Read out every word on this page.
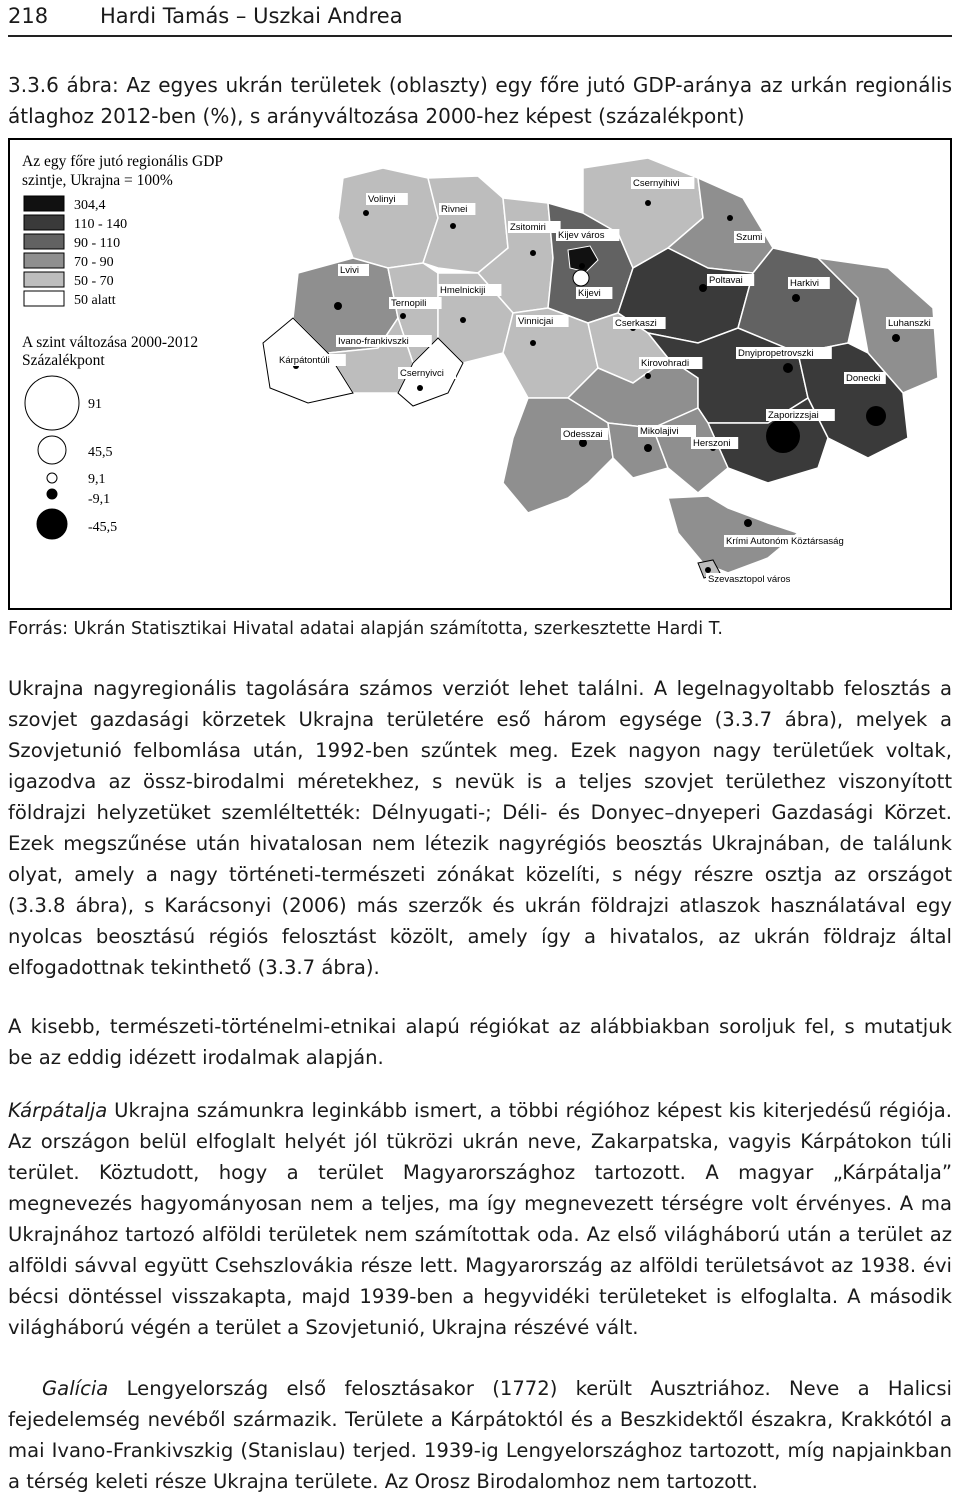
218 Hardi Tamás – Uszkai Andrea
3.3.6 ábra: Az egyes ukrán területek (oblaszty) egy főre jutó GDP-aránya az urkán regionális átlaghoz 2012-ben (%), s arányváltozása 2000-hez képest (százalékpont)
Az egy főre jutó regionális GDP
szintje, Ukrajna = 100%
304,4
110 - 140
90 - 110
70 - 90
50 - 70
50 alatt
A szint változása 2000-2012
Százalékpont
91
45,5
9,1
-9,1
-45,5
Volinyi
Rivnei
Zsitomiri
Kijev város
Csernyihivi
Szumi
Lvivi
Ternopili
Hmelnickiji	Kijevi
Poltavai	Harkivi
Vinnicjai	Cserkaszi	Luhanszki
Ivano-frankivszki
Kárpátontúli
Csernyivci
Kirovohradi
Dnyipropetrovszki
Donecki
Zaporizzsjai
Odesszai	Mikolajivi
Herszoni
Krími Autonóm Köztársaság
Szevasztopol város
Forrás: Ukrán Statisztikai Hivatal adatai alapján számította, szerkesztette Hardi T.

Ukrajna nagyregionális tagolására számos verziót lehet találni. A legelnagyoltabb felosztás a szovjet gazdasági körzetek Ukrajna területére eső három egysége (3.3.7 ábra), melyek a Szovjetunió felbomlása után, 1992-ben szűntek meg. Ezek nagyon nagy területűek voltak, igazodva az össz-birodalmi méretekhez, s nevük is a teljes szovjet területhez viszonyított földrajzi helyzetüket szemléltették: Délnyugati-; Déli- és Donyec–dnyeperi Gazdasági Körzet. Ezek megszűnése után hivatalosan nem létezik nagyrégiós beosztás Ukrajnában, de találunk olyat, amely a nagy történeti-természeti zónákat közelíti, s négy részre osztja az országot (3.3.8 ábra), s Karácsonyi (2006) más szerzők és ukrán földrajzi atlaszok használatával egy nyolcas beosztású régiós felosztást közölt, amely így a hivatalos, az ukrán földrajz által elfogadottnak tekinthető (3.3.7 ábra).

A kisebb, természeti-történelmi-etnikai alapú régiókat az alábbiakban soroljuk fel, s mutatjuk be az eddig idézett irodalmak alapján.

Kárpátalja Ukrajna számunkra leginkább ismert, a többi régióhoz képest kis kiterjedésű régiója. Az országon belül elfoglalt helyét jól tükrözi ukrán neve, Zakarpatska, vagyis Kárpátokon túli terület. Köztudott, hogy a terület Magyarországhoz tartozott. A magyar „Kárpátalja” megnevezés hagyományosan nem a teljes, ma így megnevezett térségre volt érvényes. A ma Ukrajnához tartozó alföldi területek nem számítottak oda. Az első világháború után a terület az alföldi sávval együtt Csehszlovákia része lett. Magyarország az alföldi területsávot az 1938. évi bécsi döntéssel visszakapta, majd 1939-ben a hegyvidéki területeket is elfoglalta. A második világháború végén a terület a Szovjetunió, Ukrajna részévé vált.

Galícia Lengyelország első felosztásakor (1772) került Ausztriához. Neve a Halicsi fejedelemség nevéből származik. Területe a Kárpátoktól és a Beszkidektől északra, Krakkótól a mai Ivano-Frankivszkig (Stanislau) terjed. 1939-ig Lengyelországhoz tartozott, míg napjainkban a térség keleti része Ukrajna területe. Az Orosz Birodalomhoz nem tartozott.
